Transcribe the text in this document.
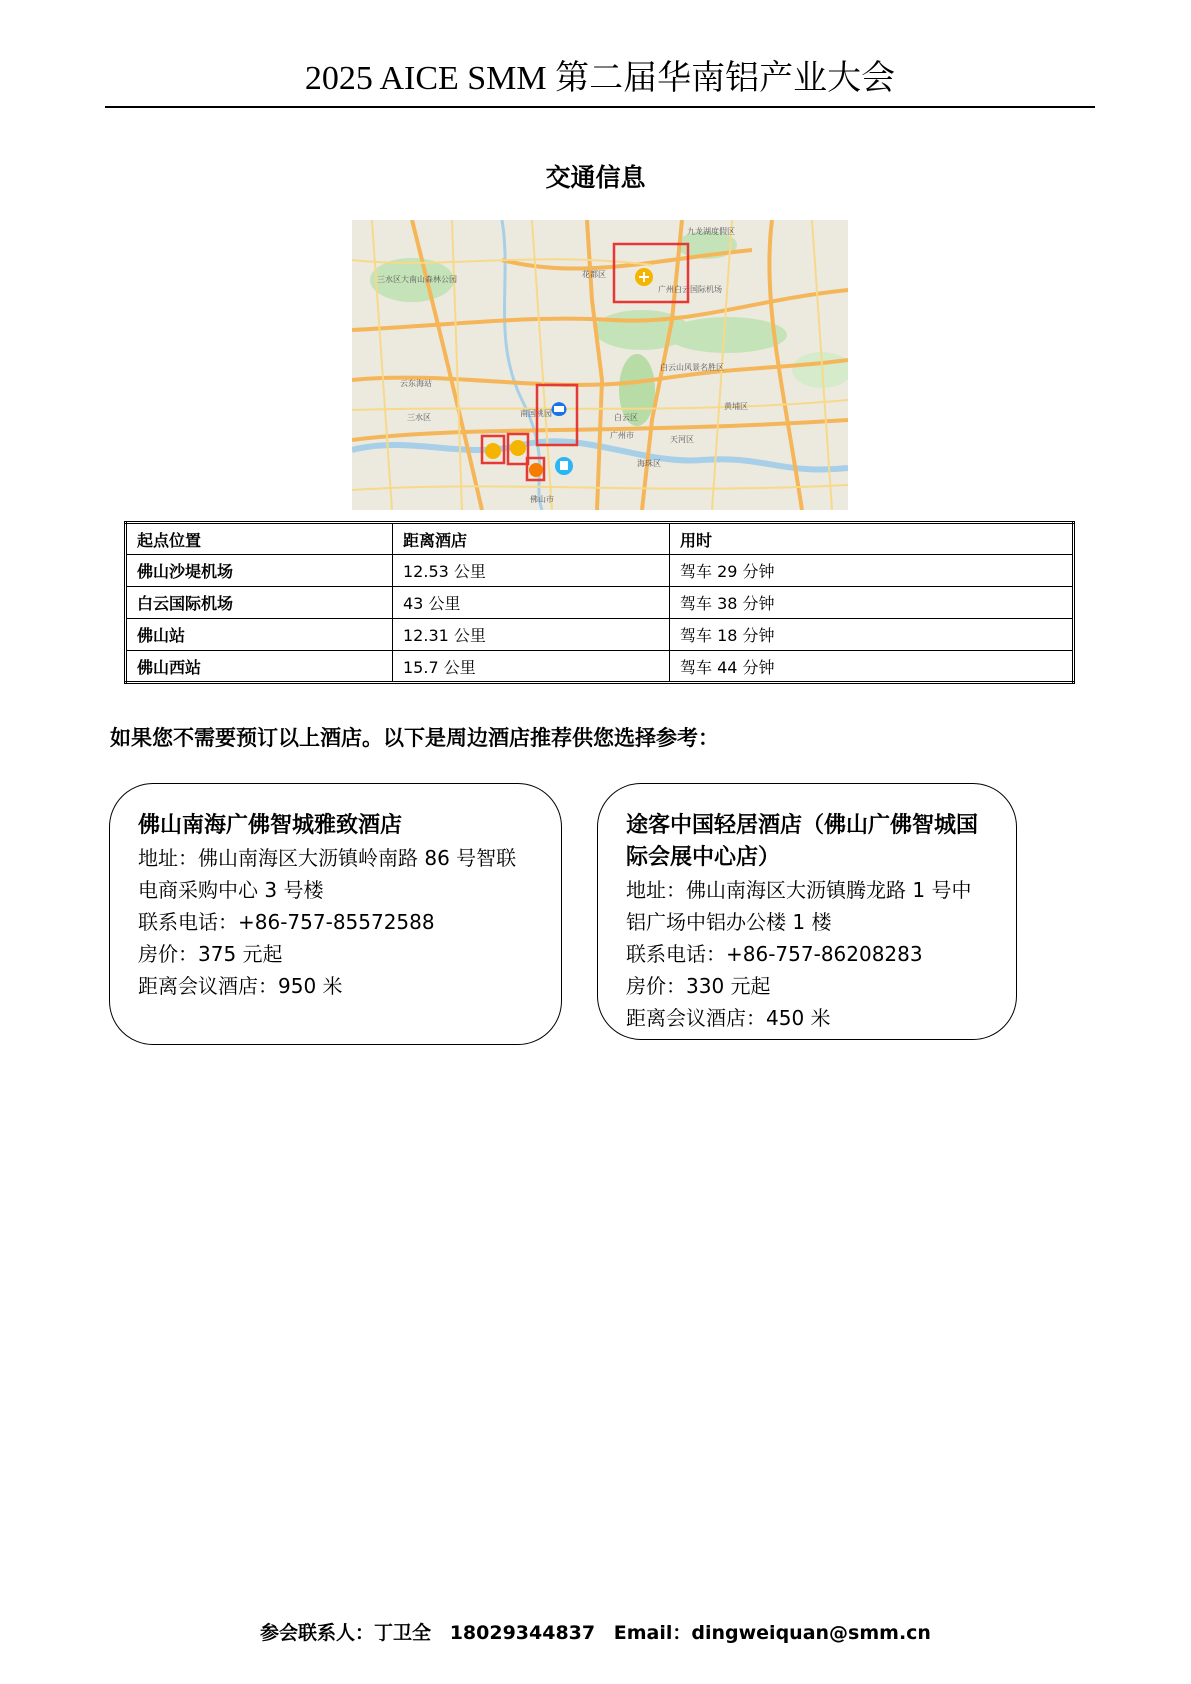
2025 AICE SMM 第二届华南铝产业大会
交通信息
花都区
广州白云国际机场
三水区
三水区大南山森林公园
云东海站
白云区
广州市	天河区
海珠区
佛山市
黄埔区
南国桃园
九龙湖度假区
白云山风景名胜区
起点位置	距离酒店	用时
佛山沙堤机场	12.53 公里	驾车 29 分钟
白云国际机场	43 公里	驾车 38 分钟
佛山站	12.31 公里	驾车 18 分钟
佛山西站	15.7 公里	驾车 44 分钟
如果您不需要预订以上酒店。以下是周边酒店推荐供您选择参考：
佛山南海广佛智城雅致酒店
地址：佛山南海区大沥镇岭南路 86 号智联电商采购中心 3 号楼
联系电话：+86-757-85572588
房价：375 元起
距离会议酒店：950 米
途客中国轻居酒店（佛山广佛智城国际会展中心店）
地址：佛山南海区大沥镇腾龙路 1 号中铝广场中铝办公楼 1 楼
联系电话：+86-757-86208283
房价：330 元起
距离会议酒店：450 米
参会联系人：丁卫全 18029344837 Email：dingweiquan@smm.cn
